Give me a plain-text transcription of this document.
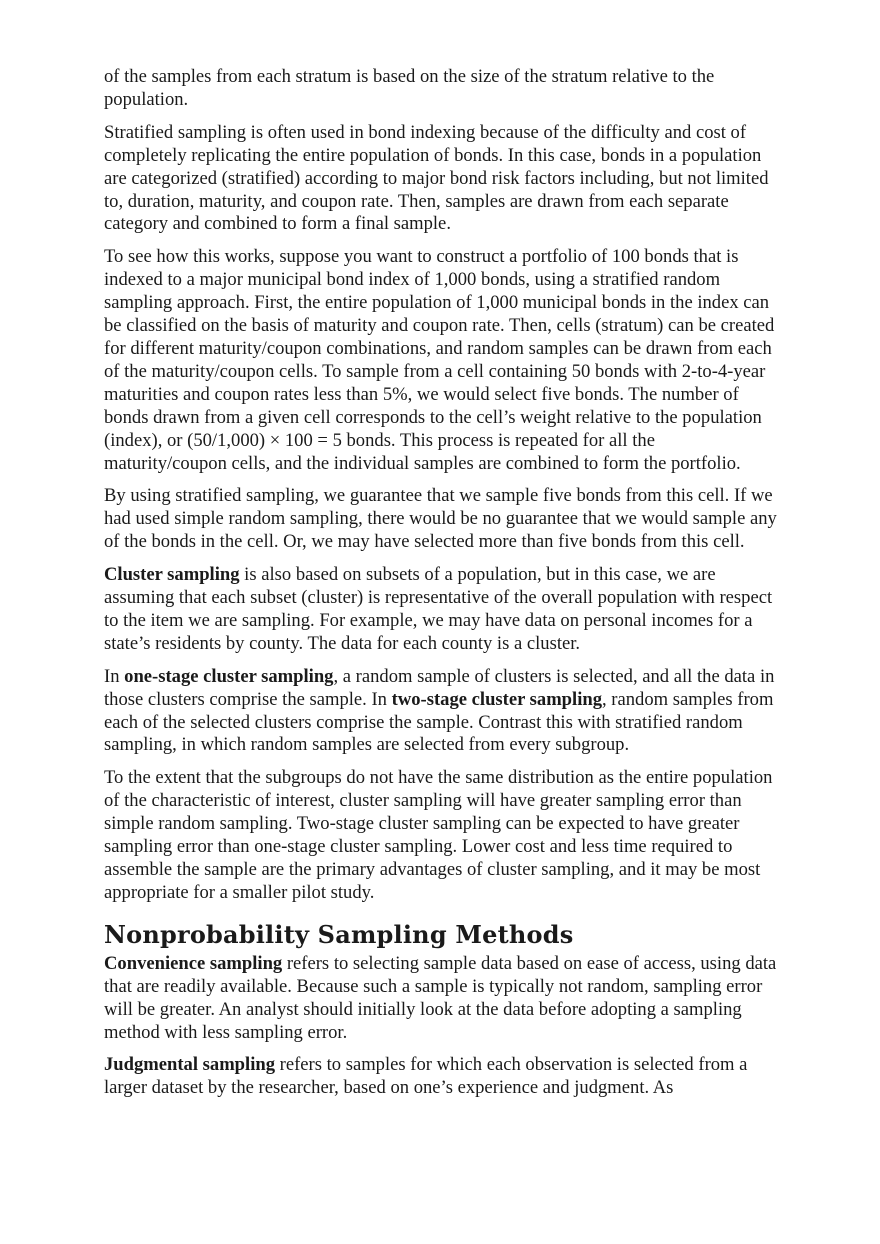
of the samples from each stratum is based on the size of the stratum relative to the population.

Stratified sampling is often used in bond indexing because of the difficulty and cost of completely replicating the entire population of bonds. In this case, bonds in a population are categorized (stratified) according to major bond risk factors including, but not limited to, duration, maturity, and coupon rate. Then, samples are drawn from each separate category and combined to form a final sample.

To see how this works, suppose you want to construct a portfolio of 100 bonds that is indexed to a major municipal bond index of 1,000 bonds, using a stratified random sampling approach. First, the entire population of 1,000 municipal bonds in the index can be classified on the basis of maturity and coupon rate. Then, cells (stratum) can be created for different maturity/coupon combinations, and random samples can be drawn from each of the maturity/coupon cells. To sample from a cell containing 50 bonds with 2-to-4-year maturities and coupon rates less than 5%, we would select five bonds. The number of bonds drawn from a given cell corresponds to the cell’s weight relative to the population (index), or (50/1,000) × 100 = 5 bonds. This process is repeated for all the maturity/coupon cells, and the individual samples are combined to form the portfolio.

By using stratified sampling, we guarantee that we sample five bonds from this cell. If we had used simple random sampling, there would be no guarantee that we would sample any of the bonds in the cell. Or, we may have selected more than five bonds from this cell.

Cluster sampling is also based on subsets of a population, but in this case, we are assuming that each subset (cluster) is representative of the overall population with respect to the item we are sampling. For example, we may have data on personal incomes for a state’s residents by county. The data for each county is a cluster.

In one-stage cluster sampling, a random sample of clusters is selected, and all the data in those clusters comprise the sample. In two-stage cluster sampling, random samples from each of the selected clusters comprise the sample. Contrast this with stratified random sampling, in which random samples are selected from every subgroup.

To the extent that the subgroups do not have the same distribution as the entire population of the characteristic of interest, cluster sampling will have greater sampling error than simple random sampling. Two-stage cluster sampling can be expected to have greater sampling error than one-stage cluster sampling. Lower cost and less time required to assemble the sample are the primary advantages of cluster sampling, and it may be most appropriate for a smaller pilot study.

Nonprobability Sampling Methods

Convenience sampling refers to selecting sample data based on ease of access, using data that are readily available. Because such a sample is typically not random, sampling error will be greater. An analyst should initially look at the data before adopting a sampling method with less sampling error.

Judgmental sampling refers to samples for which each observation is selected from a larger dataset by the researcher, based on one’s experience and judgment. As
